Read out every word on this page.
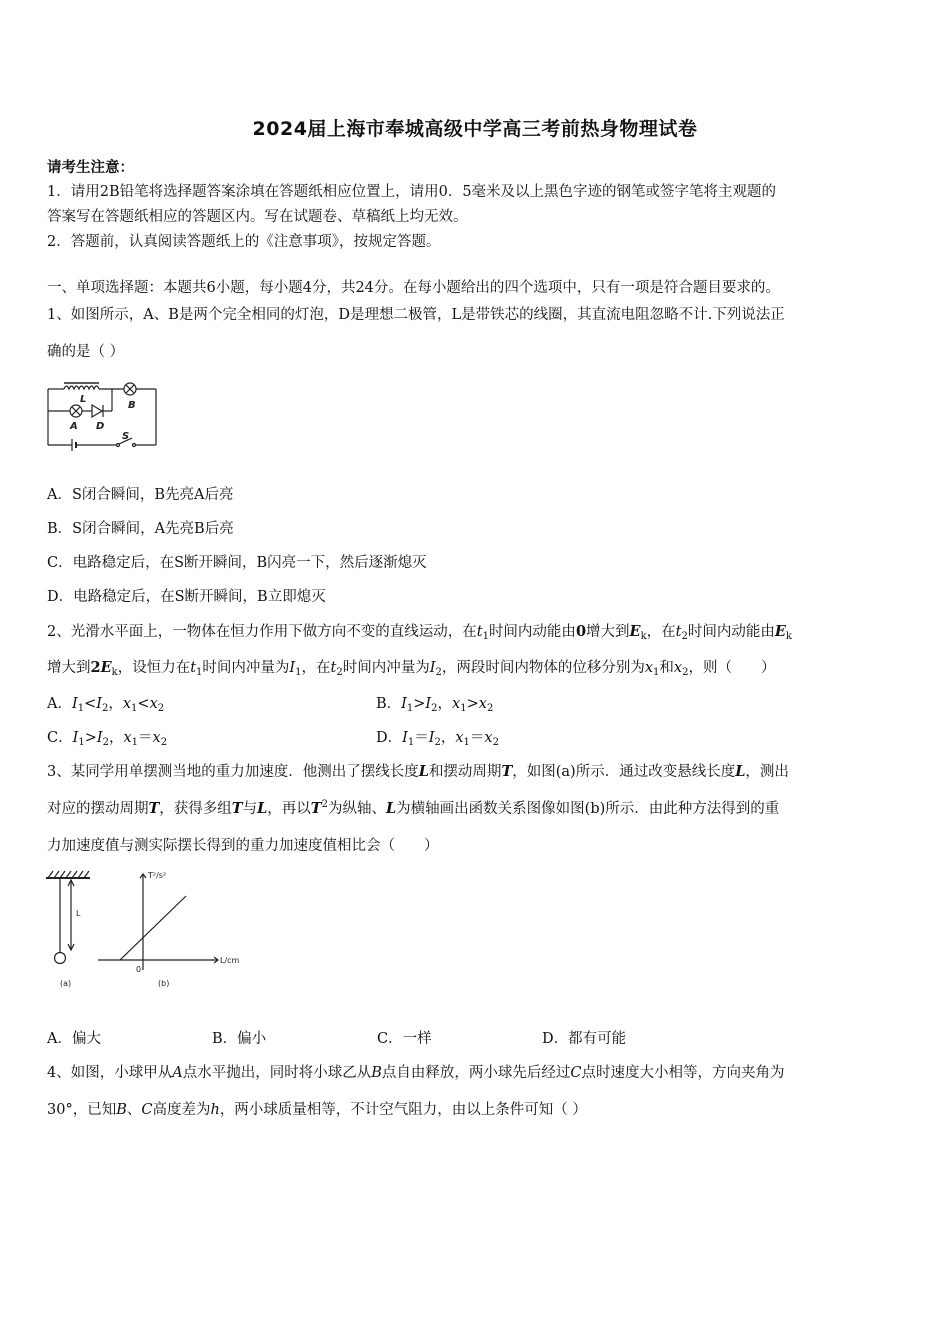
2024届上海市奉城高级中学高三考前热身物理试卷
请考生注意：
1．请用2B铅笔将选择题答案涂填在答题纸相应位置上，请用0．5毫米及以上黑色字迹的钢笔或签字笔将主观题的
答案写在答题纸相应的答题区内。写在试题卷、草稿纸上均无效。
2．答题前，认真阅读答题纸上的《注意事项》，按规定答题。
一、单项选择题：本题共6小题，每小题4分，共24分。在每小题给出的四个选项中，只有一项是符合题目要求的。
1、如图所示，A、B是两个完全相同的灯泡，D是理想二极管，L是带铁芯的线圈，其直流电阻忽略不计.下列说法正
确的是（ ）
L
B
A D
S
A．S闭合瞬间，B先亮A后亮
B．S闭合瞬间，A先亮B后亮
C．电路稳定后，在S断开瞬间，B闪亮一下，然后逐渐熄灭
D．电路稳定后，在S断开瞬间，B立即熄灭
2、光滑水平面上，一物体在恒力作用下做方向不变的直线运动，在$t_1$时间内动能由0增大到$E_k$，在$t_2$时间内动能由$E_k$
增大到$2E_k$，设恒力在$t_1$时间内冲量为$I_1$，在$t_2$时间内冲量为$I_2$，两段时间内物体的位移分别为$x_1$和$x_2$，则（　　）
A．$I_1<I_2$，$x_1<x_2$	B．$I_1>I_2$，$x_1>x_2$
C．$I_1>I_2$，$x_1=x_2$	D．$I_1=I_2$，$x_1=x_2$
3、某同学用单摆测当地的重力加速度．他测出了摆线长度L和摆动周期T，如图(a)所示．通过改变悬线长度L，测出
对应的摆动周期T，获得多组T与L，再以$T^2$为纵轴、L为横轴画出函数关系图像如图(b)所示．由此种方法得到的重
力加速度值与测实际摆长得到的重力加速度值相比会（　　）
L
T²/s²
L/cm
0
(a)	(b)
A．偏大	B．偏小	C．一样	D．都有可能
4、如图，小球甲从A点水平抛出，同时将小球乙从B点自由释放，两小球先后经过C点时速度大小相等，方向夹角为
30°，已知B、C高度差为h，两小球质量相等，不计空气阻力，由以上条件可知（ ）
